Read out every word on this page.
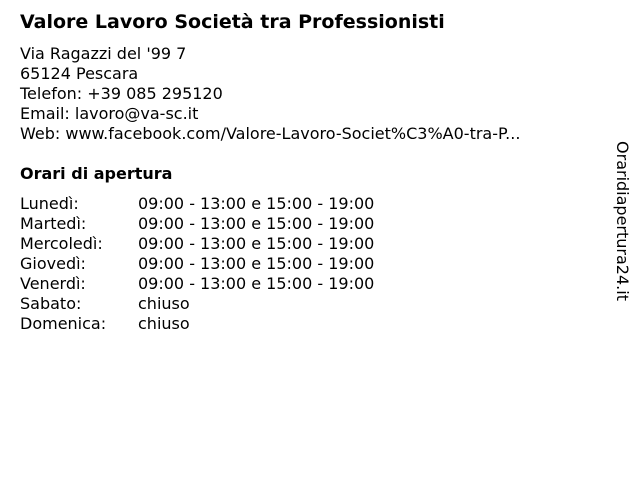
Valore Lavoro Società tra Professionisti
Via Ragazzi del '99 7
65124 Pescara
Telefon: +39 085 295120
Email: lavoro@va-sc.it
Web: www.facebook.com/Valore-Lavoro-Societ%C3%A0-tra-P...
Orari di apertura
Lunedì:	09:00 - 13:00 e 15:00 - 19:00
Martedì:	09:00 - 13:00 e 15:00 - 19:00
Mercoledì: 09:00 - 13:00 e 15:00 - 19:00
Giovedì:	09:00 - 13:00 e 15:00 - 19:00
Venerdì:	09:00 - 13:00 e 15:00 - 19:00
Sabato:	chiuso
Domenica: chiuso
Oraridiapertura24.it
